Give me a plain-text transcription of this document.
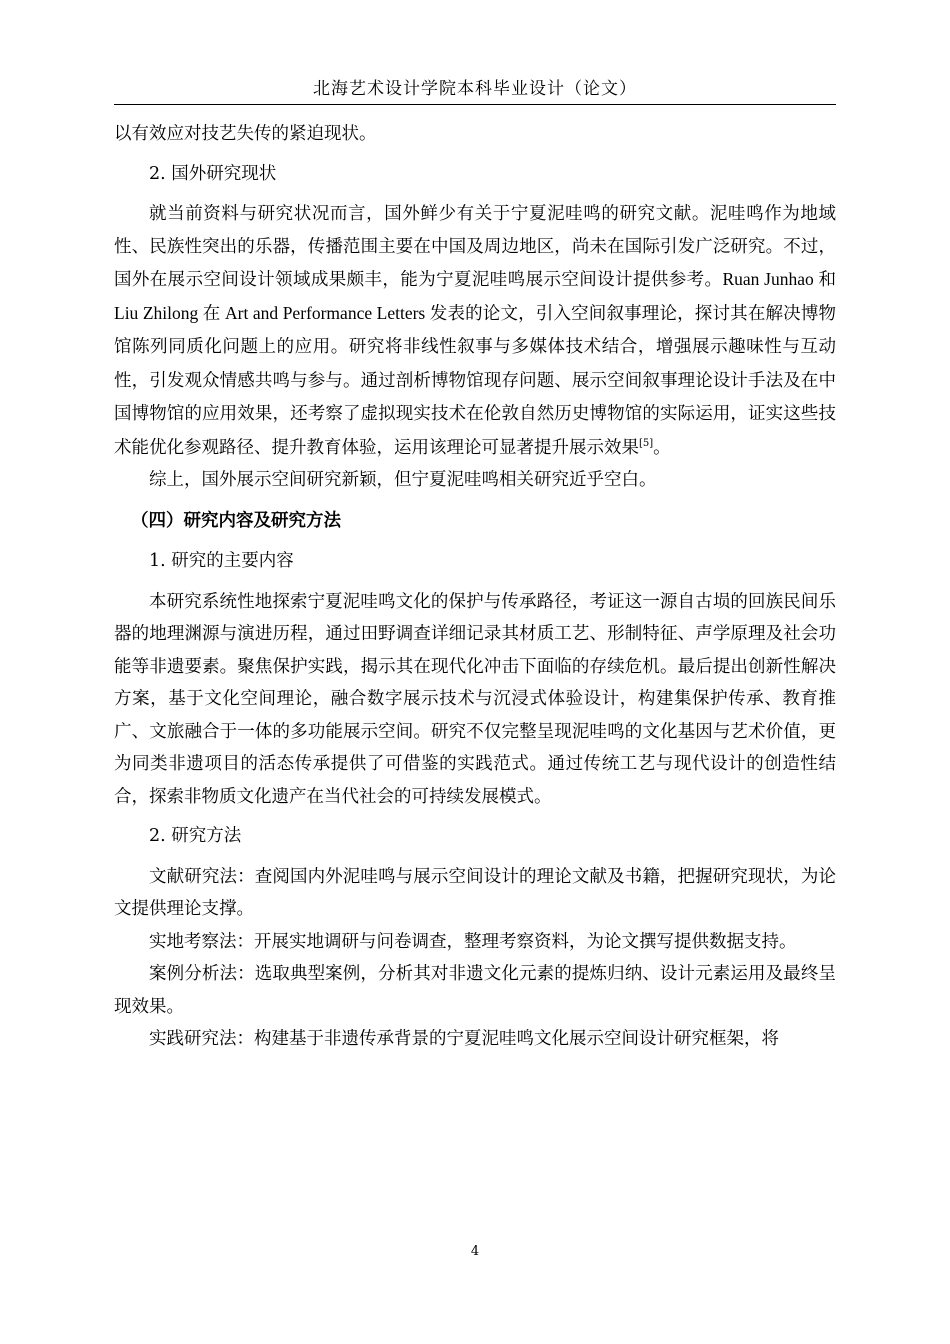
北海艺术设计学院本科毕业设计（论文）

以有效应对技艺失传的紧迫现状。

2. 国外研究现状

就当前资料与研究状况而言，国外鲜少有关于宁夏泥哇鸣的研究文献。泥哇鸣作为地域性、民族性突出的乐器，传播范围主要在中国及周边地区，尚未在国际引发广泛研究。不过，国外在展示空间设计领域成果颇丰，能为宁夏泥哇鸣展示空间设计提供参考。Ruan Junhao 和 Liu Zhilong 在 Art and Performance Letters 发表的论文，引入空间叙事理论，探讨其在解决博物馆陈列同质化问题上的应用。研究将非线性叙事与多媒体技术结合，增强展示趣味性与互动性，引发观众情感共鸣与参与。通过剖析博物馆现存问题、展示空间叙事理论设计手法及在中国博物馆的应用效果，还考察了虚拟现实技术在伦敦自然历史博物馆的实际运用，证实这些技术能优化参观路径、提升教育体验，运用该理论可显著提升展示效果[5]。

综上，国外展示空间研究新颖，但宁夏泥哇鸣相关研究近乎空白。

（四）研究内容及研究方法
1. 研究的主要内容

本研究系统性地探索宁夏泥哇鸣文化的保护与传承路径，考证这一源自古埙的回族民间乐器的地理渊源与演进历程，通过田野调查详细记录其材质工艺、形制特征、声学原理及社会功能等非遗要素。聚焦保护实践，揭示其在现代化冲击下面临的存续危机。最后提出创新性解决方案，基于文化空间理论，融合数字展示技术与沉浸式体验设计，构建集保护传承、教育推广、文旅融合于一体的多功能展示空间。研究不仅完整呈现泥哇鸣的文化基因与艺术价值，更为同类非遗项目的活态传承提供了可借鉴的实践范式。通过传统工艺与现代设计的创造性结合，探索非物质文化遗产在当代社会的可持续发展模式。

2. 研究方法

文献研究法：查阅国内外泥哇鸣与展示空间设计的理论文献及书籍，把握研究现状，为论文提供理论支撑。

实地考察法：开展实地调研与问卷调查，整理考察资料，为论文撰写提供数据支持。

案例分析法：选取典型案例，分析其对非遗文化元素的提炼归纳、设计元素运用及最终呈现效果。

实践研究法：构建基于非遗传承背景的宁夏泥哇鸣文化展示空间设计研究框架，将

4
